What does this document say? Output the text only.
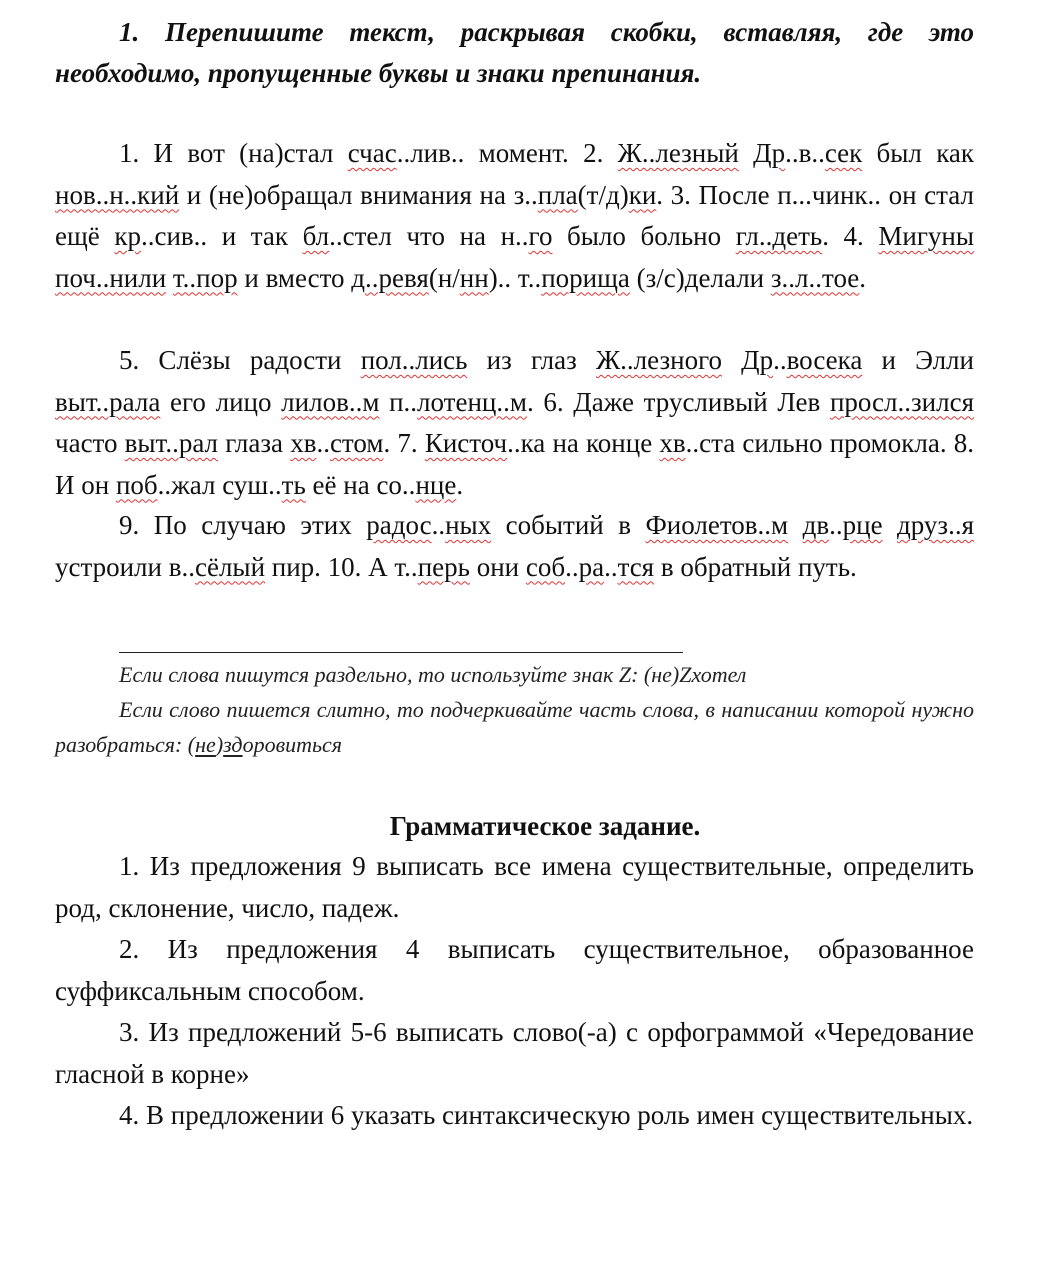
1. Перепишите текст, раскрывая скобки, вставляя, где это необходимо, пропущенные буквы и знаки препинания.

1. И вот (на)стал счас..лив.. момент. 2. Ж..лезный Др..в..сек был как нов..н..кий и (не)обращал внимания на з..пла(т/д)ки. 3. После п...чинк.. он стал ещё кр..сив.. и так бл..стел что на н..го было больно гл..деть. 4. Мигуны поч..нили т..пор и вместо д..ревя(н/нн).. т..порища (з/с)делали з..л..тое.

5. Слёзы радости пол..лись из глаз Ж..лезного Др..восека и Элли выт..рала его лицо лилов..м п..лотенц..м. 6. Даже трусливый Лев просл..зился часто выт..рал глаза хв..стом. 7. Кисточ..ка на конце хв..ста сильно промокла. 8. И он поб..жал суш..ть её на со..нце.

9. По случаю этих радос..ных событий в Фиолетов..м дв..рце друз..я устроили в..сёлый пир. 10. А т..перь они соб..ра..тся в обратный путь.

Если слова пишутся раздельно, то используйте знак Z: (не)Zхотел

Если слово пишется слитно, то подчеркивайте часть слова, в написании которой нужно разобраться: (не)здоровиться

Грамматическое задание.

1. Из предложения 9 выписать все имена существительные, определить род, склонение, число, падеж.

2. Из предложения 4 выписать существительное, образованное суффиксальным способом.

3. Из предложений 5-6 выписать слово(-а) с орфограммой «Чередование гласной в корне»

4. В предложении 6 указать синтаксическую роль имен существительных.
